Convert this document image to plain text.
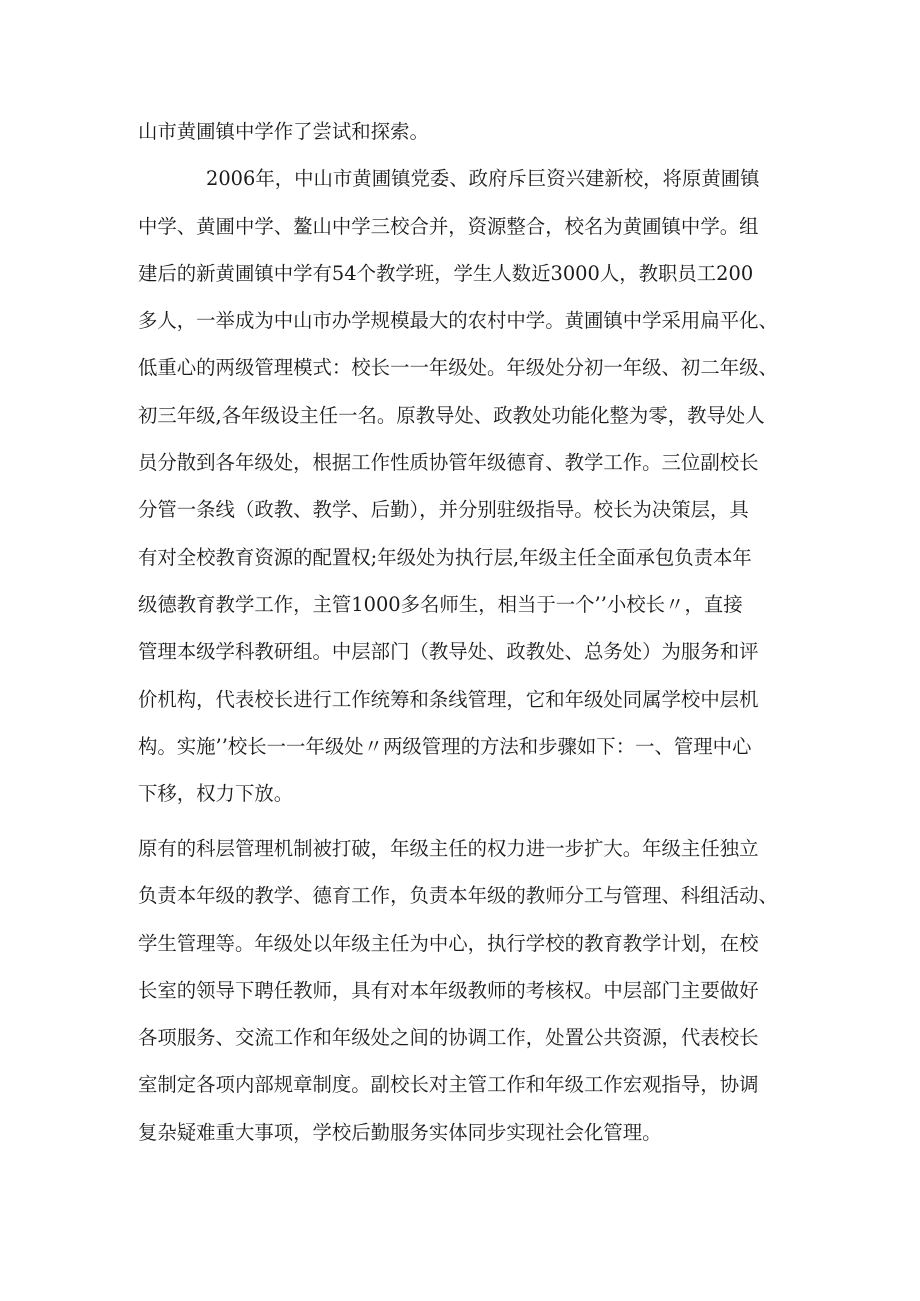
山市黄圃镇中学作了尝试和探索。
2006年，中山市黄圃镇党委、政府斥巨资兴建新校，将原黄圃镇
中学、黄圃中学、鳌山中学三校合并，资源整合，校名为黄圃镇中学。组
建后的新黄圃镇中学有54个教学班，学生人数近3000人，教职员工200
多人，一举成为中山市办学规模最大的农村中学。黄圃镇中学采用扁平化、
低重心的两级管理模式：校长一一年级处。年级处分初一年级、初二年级、
初三年级,各年级设主任一名。原教导处、政教处功能化整为零，教导处人
员分散到各年级处，根据工作性质协管年级德育、教学工作。三位副校长
分管一条线（政教、教学、后勤），并分别驻级指导。校长为决策层，具
有对全校教育资源的配置权;年级处为执行层,年级主任全面承包负责本年
级德教育教学工作，主管1000多名师生，相当于一个’’小校长〃，直接
管理本级学科教研组。中层部门（教导处、政教处、总务处）为服务和评
价机构，代表校长进行工作统筹和条线管理，它和年级处同属学校中层机
构。实施’’校长一一年级处〃两级管理的方法和步骤如下：一、管理中心
下移，权力下放。
原有的科层管理机制被打破，年级主任的权力进一步扩大。年级主任独立
负责本年级的教学、德育工作，负责本年级的教师分工与管理、科组活动、
学生管理等。年级处以年级主任为中心，执行学校的教育教学计划，在校
长室的领导下聘任教师，具有对本年级教师的考核权。中层部门主要做好
各项服务、交流工作和年级处之间的协调工作，处置公共资源，代表校长
室制定各项内部规章制度。副校长对主管工作和年级工作宏观指导，协调
复杂疑难重大事项，学校后勤服务实体同步实现社会化管理。
